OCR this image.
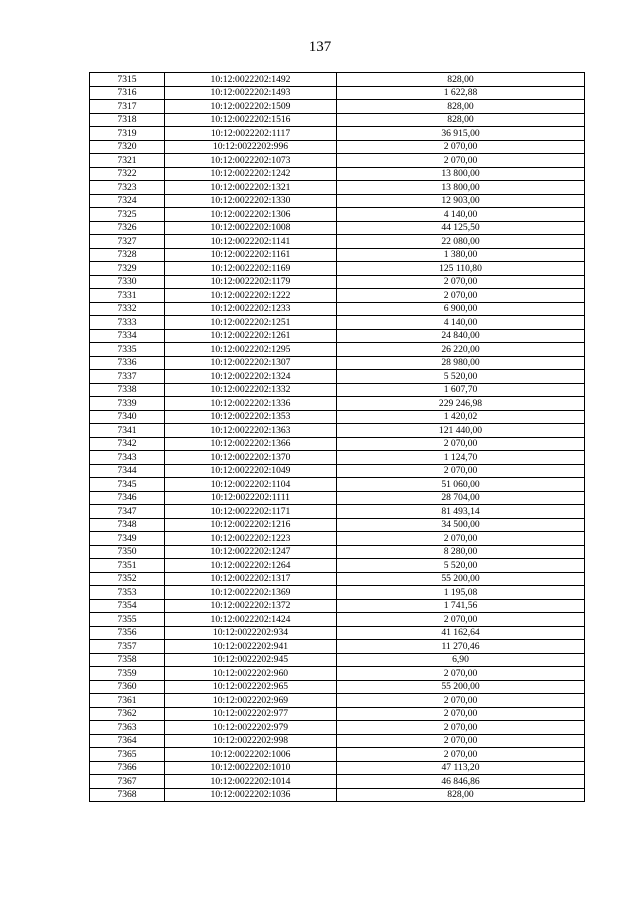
137
7315	10:12:0022202:1492	828,00
7316	10:12:0022202:1493	1 622,88
7317	10:12:0022202:1509	828,00
7318	10:12:0022202:1516	828,00
7319	10:12:0022202:1117	36 915,00
7320	10:12:0022202:996	2 070,00
7321	10:12:0022202:1073	2 070,00
7322	10:12:0022202:1242	13 800,00
7323	10:12:0022202:1321	13 800,00
7324	10:12:0022202:1330	12 903,00
7325	10:12:0022202:1306	4 140,00
7326	10:12:0022202:1008	44 125,50
7327	10:12:0022202:1141	22 080,00
7328	10:12:0022202:1161	1 380,00
7329	10:12:0022202:1169	125 110,80
7330	10:12:0022202:1179	2 070,00
7331	10:12:0022202:1222	2 070,00
7332	10:12:0022202:1233	6 900,00
7333	10:12:0022202:1251	4 140,00
7334	10:12:0022202:1261	24 840,00
7335	10:12:0022202:1295	26 220,00
7336	10:12:0022202:1307	28 980,00
7337	10:12:0022202:1324	5 520,00
7338	10:12:0022202:1332	1 607,70
7339	10:12:0022202:1336	229 246,98
7340	10:12:0022202:1353	1 420,02
7341	10:12:0022202:1363	121 440,00
7342	10:12:0022202:1366	2 070,00
7343	10:12:0022202:1370	1 124,70
7344	10:12:0022202:1049	2 070,00
7345	10:12:0022202:1104	51 060,00
7346	10:12:0022202:1111	28 704,00
7347	10:12:0022202:1171	81 493,14
7348	10:12:0022202:1216	34 500,00
7349	10:12:0022202:1223	2 070,00
7350	10:12:0022202:1247	8 280,00
7351	10:12:0022202:1264	5 520,00
7352	10:12:0022202:1317	55 200,00
7353	10:12:0022202:1369	1 195,08
7354	10:12:0022202:1372	1 741,56
7355	10:12:0022202:1424	2 070,00
7356	10:12:0022202:934	41 162,64
7357	10:12:0022202:941	11 270,46
7358	10:12:0022202:945	6,90
7359	10:12:0022202:960	2 070,00
7360	10:12:0022202:965	55 200,00
7361	10:12:0022202:969	2 070,00
7362	10:12:0022202:977	2 070,00
7363	10:12:0022202:979	2 070,00
7364	10:12:0022202:998	2 070,00
7365	10:12:0022202:1006	2 070,00
7366	10:12:0022202:1010	47 113,20
7367	10:12:0022202:1014	46 846,86
7368	10:12:0022202:1036	828,00
